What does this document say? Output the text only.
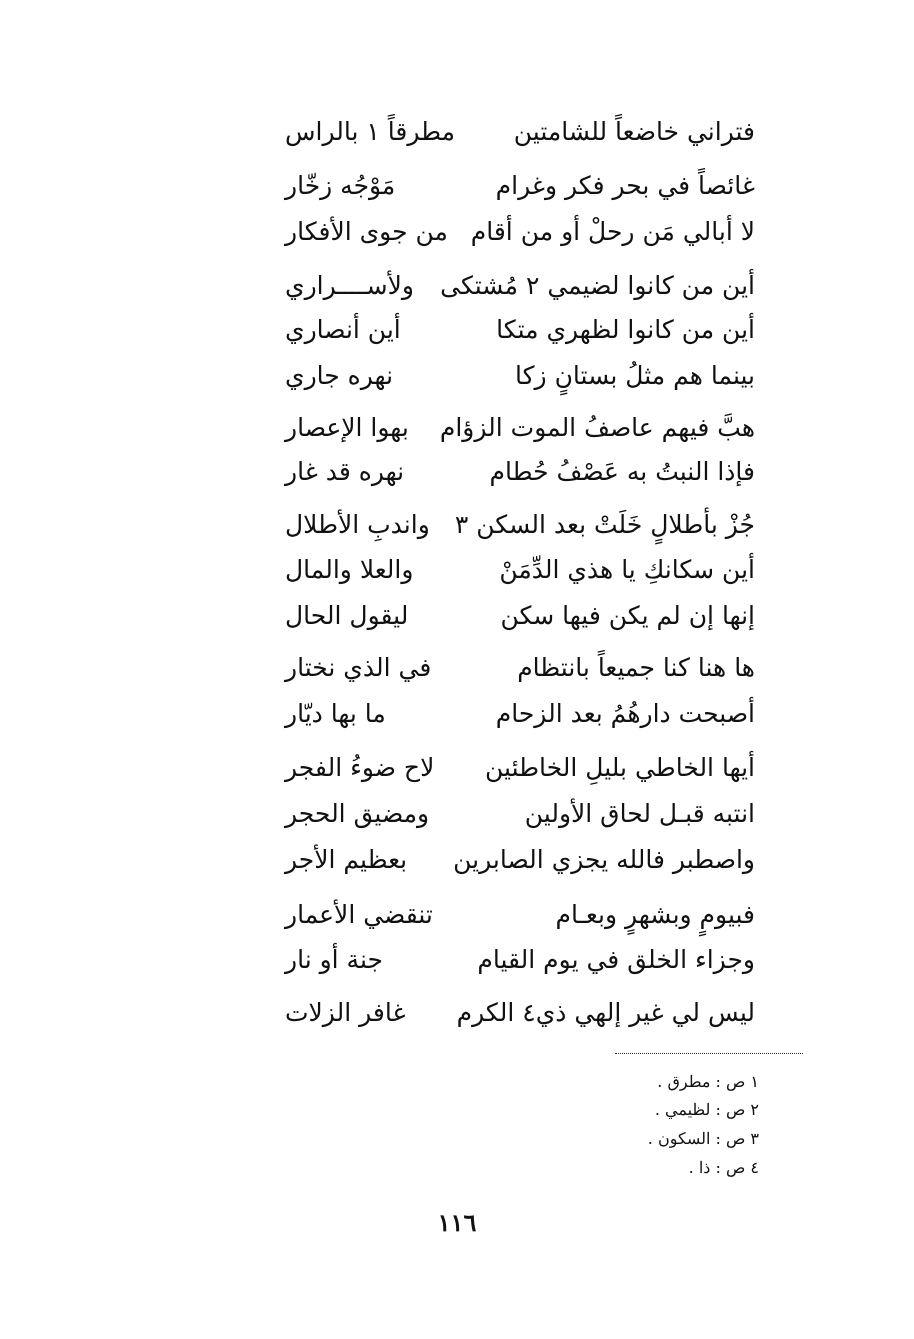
فتراني خاضعاً للشامتين
مطرقاً ١ بالراس
غائصاً في بحر فكر وغرام
مَوْجُه زخّار
لا أبالي مَن رحلْ أو من أقام
من جوى الأفكار
أين من كانوا لضيمي ٢ مُشتكى
ولأســــراري
أين من كانوا لظهري متكا
أين أنصاري
بينما هم مثلُ بستانٍ زكا
نهره جاري
هبَّ فيهم عاصفُ الموت الزؤام
بهوا الإعصار
فإذا النبتُ به عَصْفُ حُطام
نهره قد غار
جُزْ بأطلالٍ خَلَتْ بعد السكن ٣
واندبِ الأطلال
أين سكانكِ يا هذي الدِّمَنْ
والعلا والمال
إنها إن لم يكن فيها سكن
ليقول الحال
ها هنا كنا جميعاً بانتظام
في الذي نختار
أصبحت دارهُمُ بعد الزحام
ما بها ديّار
أيها الخاطي بليلِ الخاطئين
لاح ضوءُ الفجر
انتبه قبـل لحاق الأولين
ومضيق الحجر
واصطبر فالله يجزي الصابرين
بعظيم الأجر
فبيومٍ وبشهرٍ وبعـام
تنقضي الأعمار
وجزاء الخلق في يوم القيام
جنة أو نار
ليس لي غير إلهي ذي٤ الكرم
غافر الزلات
١ ص : مطرق .
٢ ص : لظيمي .
٣ ص : السكون .
٤ ص : ذا .
١١٦
